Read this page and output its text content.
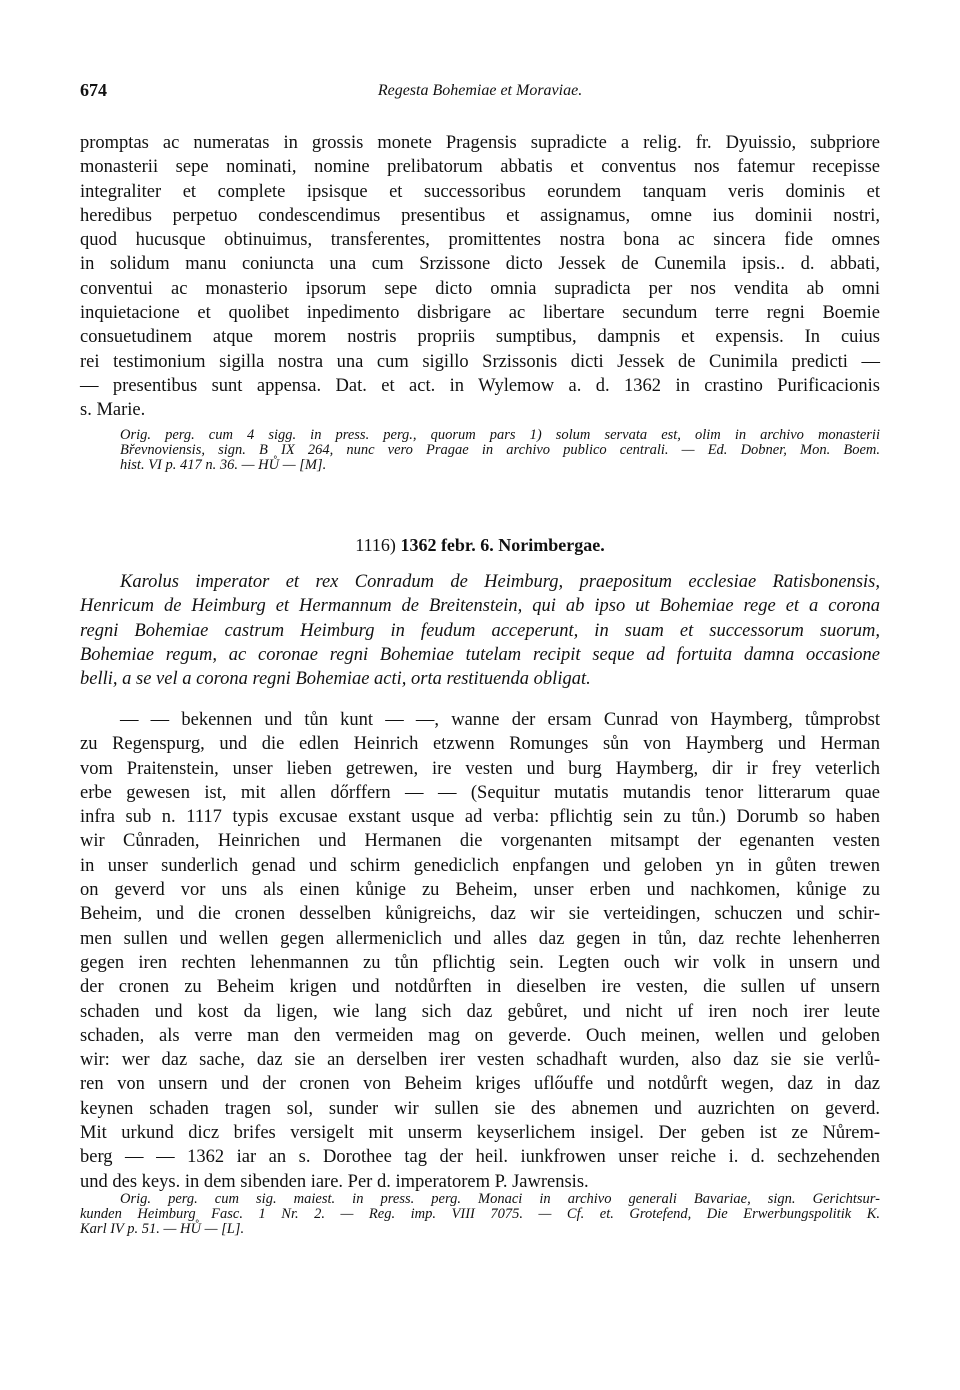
674	Regesta Bohemiae et Moraviae.

promptas ac numeratas in grossis monete Pragensis supradicte a relig. fr. Dyuissio, subpriore
monasterii sepe nominati, nomine prelibatorum abbatis et conventus nos fatemur recepisse
integraliter et complete ipsisque et successoribus eorundem tanquam veris dominis et
heredibus perpetuo condescendimus presentibus et assignamus, omne ius dominii nostri,
quod hucusque obtinuimus, transferentes, promittentes nostra bona ac sincera fide omnes
in solidum manu coniuncta una cum Srzissone dicto Jessek de Cunemila ipsis.. d. abbati,
conventui ac monasterio ipsorum sepe dicto omnia supradicta per nos vendita ab omni
inquietacione et quolibet inpedimento disbrigare ac libertare secundum terre regni Boemie
consuetudinem atque morem nostris propriis sumptibus, dampnis et expensis. In cuius
rei testimonium sigilla nostra una cum sigillo Srzissonis dicti Jessek de Cunimila predicti —
— presentibus sunt appensa. Dat. et act. in Wylemow a. d. 1362 in crastino Purificacionis
s. Marie.

Orig. perg. cum 4 sigg. in press. perg., quorum pars 1) solum servata est, olim in archivo monasterii
Břevnoviensis, sign. B IX 264, nunc vero Pragae in archivo publico centrali. — Ed. Dobner, Mon. Boem.
hist. VI p. 417 n. 36. — HŮ — [M].

1116) 1362 febr. 6. Norimbergae.

Karolus imperator et rex Conradum de Heimburg, praepositum ecclesiae Ratisbonensis,
Henricum de Heimburg et Hermannum de Breitenstein, qui ab ipso ut Bohemiae rege et a corona
regni Bohemiae castrum Heimburg in feudum acceperunt, in suam et successorum suorum,
Bohemiae regum, ac coronae regni Bohemiae tutelam recipit seque ad fortuita damna occasione
belli, a se vel a corona regni Bohemiae acti, orta restituenda obligat.

— — bekennen und tůn kunt — —, wanne der ersam Cunrad von Haymberg, tůmprobst
zu Regenspurg, und die edlen Heinrich etzwenn Romunges sůn von Haymberg und Herman
vom Praitenstein, unser lieben getrewen, ire vesten und burg Haymberg, dir ir frey veterlich
erbe gewesen ist, mit allen dőrffern — — (Sequitur mutatis mutandis tenor litterarum quae
infra sub n. 1117 typis excusae exstant usque ad verba: pflichtig sein zu tůn.) Dorumb so haben
wir Cůnraden, Heinrichen und Hermanen die vorgenanten mitsampt der egenanten vesten
in unser sunderlich genad und schirm genediclich enpfangen und geloben yn in gůten trewen
on geverd vor uns als einen kůnige zu Beheim, unser erben und nachkomen, kůnige zu
Beheim, und die cronen desselben kůnigreichs, daz wir sie verteidingen, schuczen und schir-
men sullen und wellen gegen allermeniclich und alles daz gegen in tůn, daz rechte lehenherren
gegen iren rechten lehenmannen zu tůn pflichtig sein. Legten ouch wir volk in unsern und
der cronen zu Beheim krigen und notdůrften in dieselben ire vesten, die sullen uf unsern
schaden und kost da ligen, wie lang sich daz gebůret, und nicht uf iren noch irer leute
schaden, als verre man den vermeiden mag on geverde. Ouch meinen, wellen und geloben
wir: wer daz sache, daz sie an derselben irer vesten schadhaft wurden, also daz sie sie verlů-
ren von unsern und der cronen von Beheim kriges uflőuffe und notdůrft wegen, daz in daz
keynen schaden tragen sol, sunder wir sullen sie des abnemen und auzrichten on geverd.
Mit urkund dicz brifes versigelt mit unserm keyserlichem insigel. Der geben ist ze Nůrem-
berg — — 1362 iar an s. Dorothee tag der heil. iunkfrowen unser reiche i. d. sechzehenden
und des keys. in dem sibenden iare. Per d. imperatorem P. Jawrensis.

Orig. perg. cum sig. maiest. in press. perg. Monaci in archivo generali Bavariae, sign. Gerichtsur-
kunden Heimburg Fasc. 1 Nr. 2. — Reg. imp. VIII 7075. — Cf. et. Grotefend, Die Erwerbungspolitik K.
Karl IV p. 51. — HŮ — [L].
